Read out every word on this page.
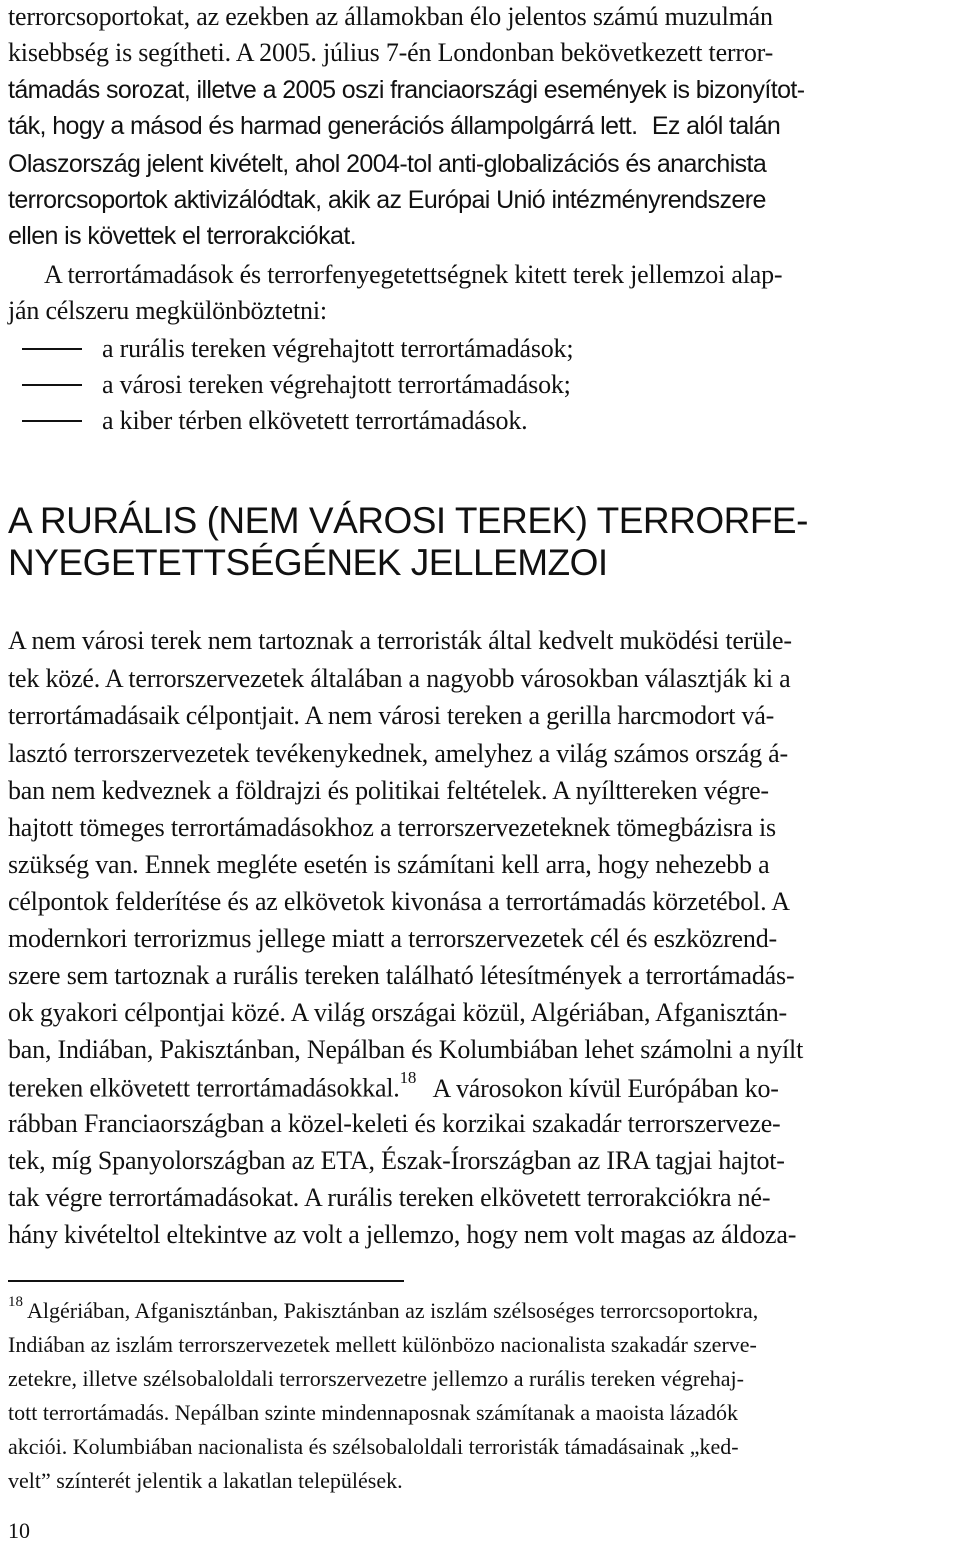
terrorcsoportokat, az ezekben az államokban élo jelentos számú muzulmán
kisebbség is segítheti. A 2005. július 7-én Londonban bekövetkezett terror-
támadás sorozat, illetve a 2005 oszi franciaországi események is bizonyítot-
ták, hogy a másod és harmad generációs állampolgárrá lett. Ez alól talán
Olaszország jelent kivételt, ahol 2004-tol anti-globalizációs és anarchista
terrorcsoportok aktivizálódtak, akik az Európai Unió intézményrendszere
ellen is követtek el terrorakciókat.
A terrortámadások és terrorfenyegetettségnek kitett terek jellemzoi alap-
ján célszeru megkülönböztetni:
a rurális tereken végrehajtott terrortámadások;
a városi tereken végrehajtott terrortámadások;
a kiber térben elkövetett terrortámadások.
A RURÁLIS (NEM VÁROSI TEREK) TERRORFE-
NYEGETETTSÉGÉNEK JELLEMZOI
A nem városi terek nem tartoznak a terroristák által kedvelt muködési terüle-
tek közé. A terrorszervezetek általában a nagyobb városokban választják ki a
terrortámadásaik célpontjait. A nem városi tereken a gerilla harcmodort vá-
lasztó terrorszervezetek tevékenykednek, amelyhez a világ számos ország á-
ban nem kedveznek a földrajzi és politikai feltételek. A nyílttereken végre-
hajtott tömeges terrortámadásokhoz a terrorszervezeteknek tömegbázisra is
szükség van. Ennek megléte esetén is számítani kell arra, hogy nehezebb a
célpontok felderítése és az elkövetok kivonása a terrortámadás körzetébol. A
modernkori terrorizmus jellege miatt a terrorszervezetek cél és eszközrend-
szere sem tartoznak a rurális tereken található létesítmények a terrortámadás-
ok gyakori célpontjai közé. A világ országai közül, Algériában, Afganisztán-
ban, Indiában, Pakisztánban, Nepálban és Kolumbiában lehet számolni a nyílt
tereken elkövetett terrortámadásokkal.$^{18}$ A városokon kívül Európában ko-
rábban Franciaországban a közel-keleti és korzikai szakadár terrorszerveze-
tek, míg Spanyolországban az ETA, Észak-Írországban az IRA tagjai hajtot-
tak végre terrortámadásokat. A rurális tereken elkövetett terrorakciókra né-
hány kivételtol eltekintve az volt a jellemzo, hogy nem volt magas az áldoza-
$^{18}$ Algériában, Afganisztánban, Pakisztánban az iszlám szélsoséges terrorcsoportokra,
Indiában az iszlám terrorszervezetek mellett különbözo nacionalista szakadár szerve-
zetekre, illetve szélsobaloldali terrorszervezetre jellemzo a rurális tereken végrehaj-
tott terrortámadás. Nepálban szinte mindennaposnak számítanak a maoista lázadók
akciói. Kolumbiában nacionalista és szélsobaloldali terroristák támadásainak „ked-
velt” színterét jelentik a lakatlan települések.
10
